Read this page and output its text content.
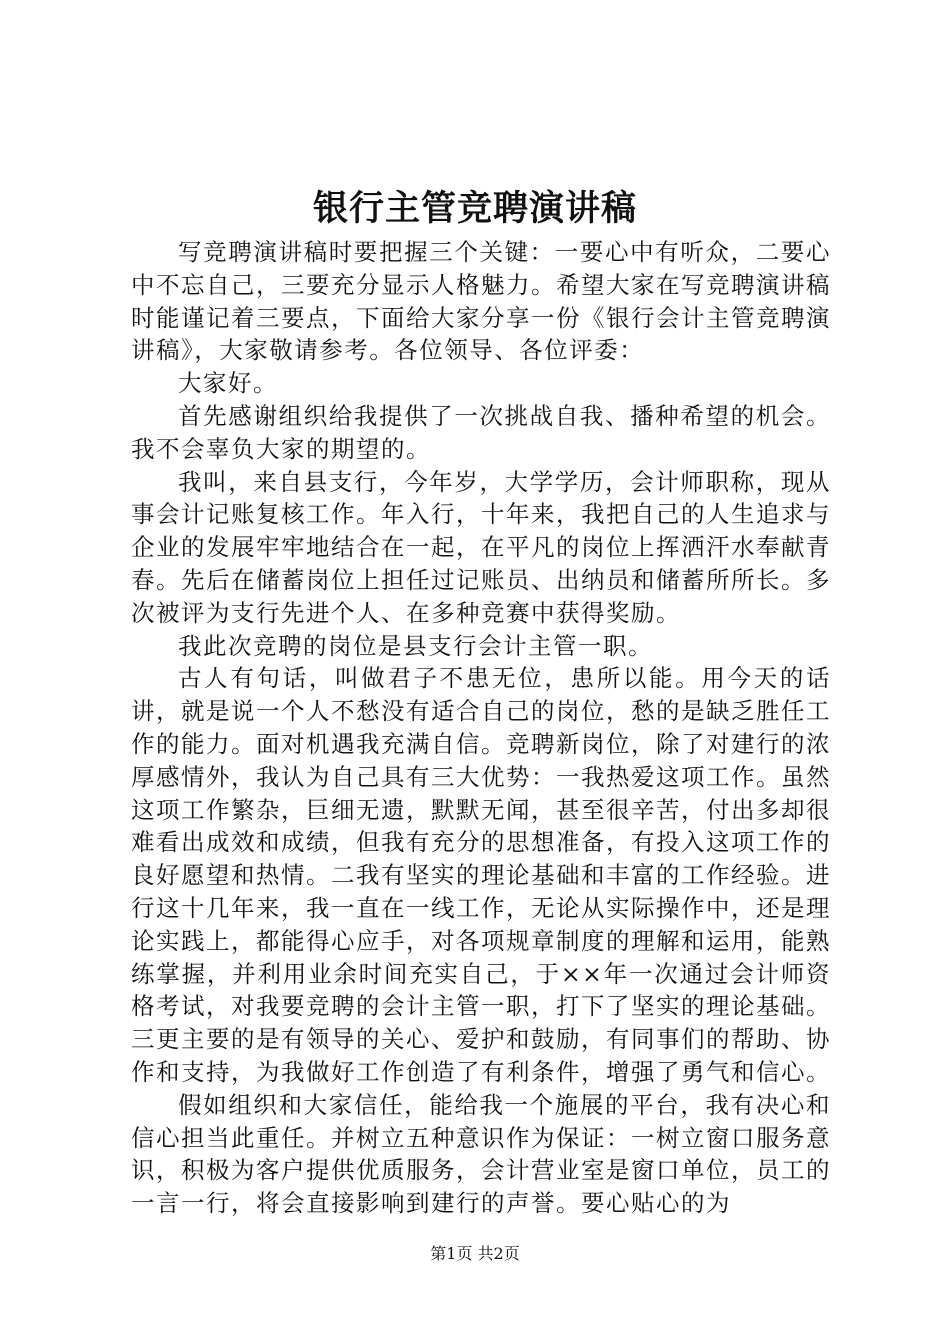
银行主管竞聘演讲稿

写竞聘演讲稿时要把握三个关键：一要心中有听众，二要心中不忘自己，三要充分显示人格魅力。希望大家在写竞聘演讲稿时能谨记着三要点，下面给大家分享一份《银行会计主管竞聘演讲稿》，大家敬请参考。各位领导、各位评委：

大家好。

首先感谢组织给我提供了一次挑战自我、播种希望的机会。我不会辜负大家的期望的。

我叫，来自县支行，今年岁，大学学历，会计师职称，现从事会计记账复核工作。年入行，十年来，我把自己的人生追求与企业的发展牢牢地结合在一起，在平凡的岗位上挥洒汗水奉献青春。先后在储蓄岗位上担任过记账员、出纳员和储蓄所所长。多次被评为支行先进个人、在多种竞赛中获得奖励。

我此次竞聘的岗位是县支行会计主管一职。

古人有句话，叫做君子不患无位，患所以能。用今天的话讲，就是说一个人不愁没有适合自己的岗位，愁的是缺乏胜任工作的能力。面对机遇我充满自信。竞聘新岗位，除了对建行的浓厚感情外，我认为自己具有三大优势：一我热爱这项工作。虽然这项工作繁杂，巨细无遗，默默无闻，甚至很辛苦，付出多却很难看出成效和成绩，但我有充分的思想准备，有投入这项工作的良好愿望和热情。二我有坚实的理论基础和丰富的工作经验。进行这十几年来，我一直在一线工作，无论从实际操作中，还是理论实践上，都能得心应手，对各项规章制度的理解和运用，能熟练掌握，并利用业余时间充实自己，于××年一次通过会计师资格考试，对我要竞聘的会计主管一职，打下了坚实的理论基础。三更主要的是有领导的关心、爱护和鼓励，有同事们的帮助、协作和支持，为我做好工作创造了有利条件，增强了勇气和信心。

假如组织和大家信任，能给我一个施展的平台，我有决心和信心担当此重任。并树立五种意识作为保证：一树立窗口服务意识，积极为客户提供优质服务，会计营业室是窗口单位，员工的一言一行，将会直接影响到建行的声誉。要心贴心的为

第1页 共2页
